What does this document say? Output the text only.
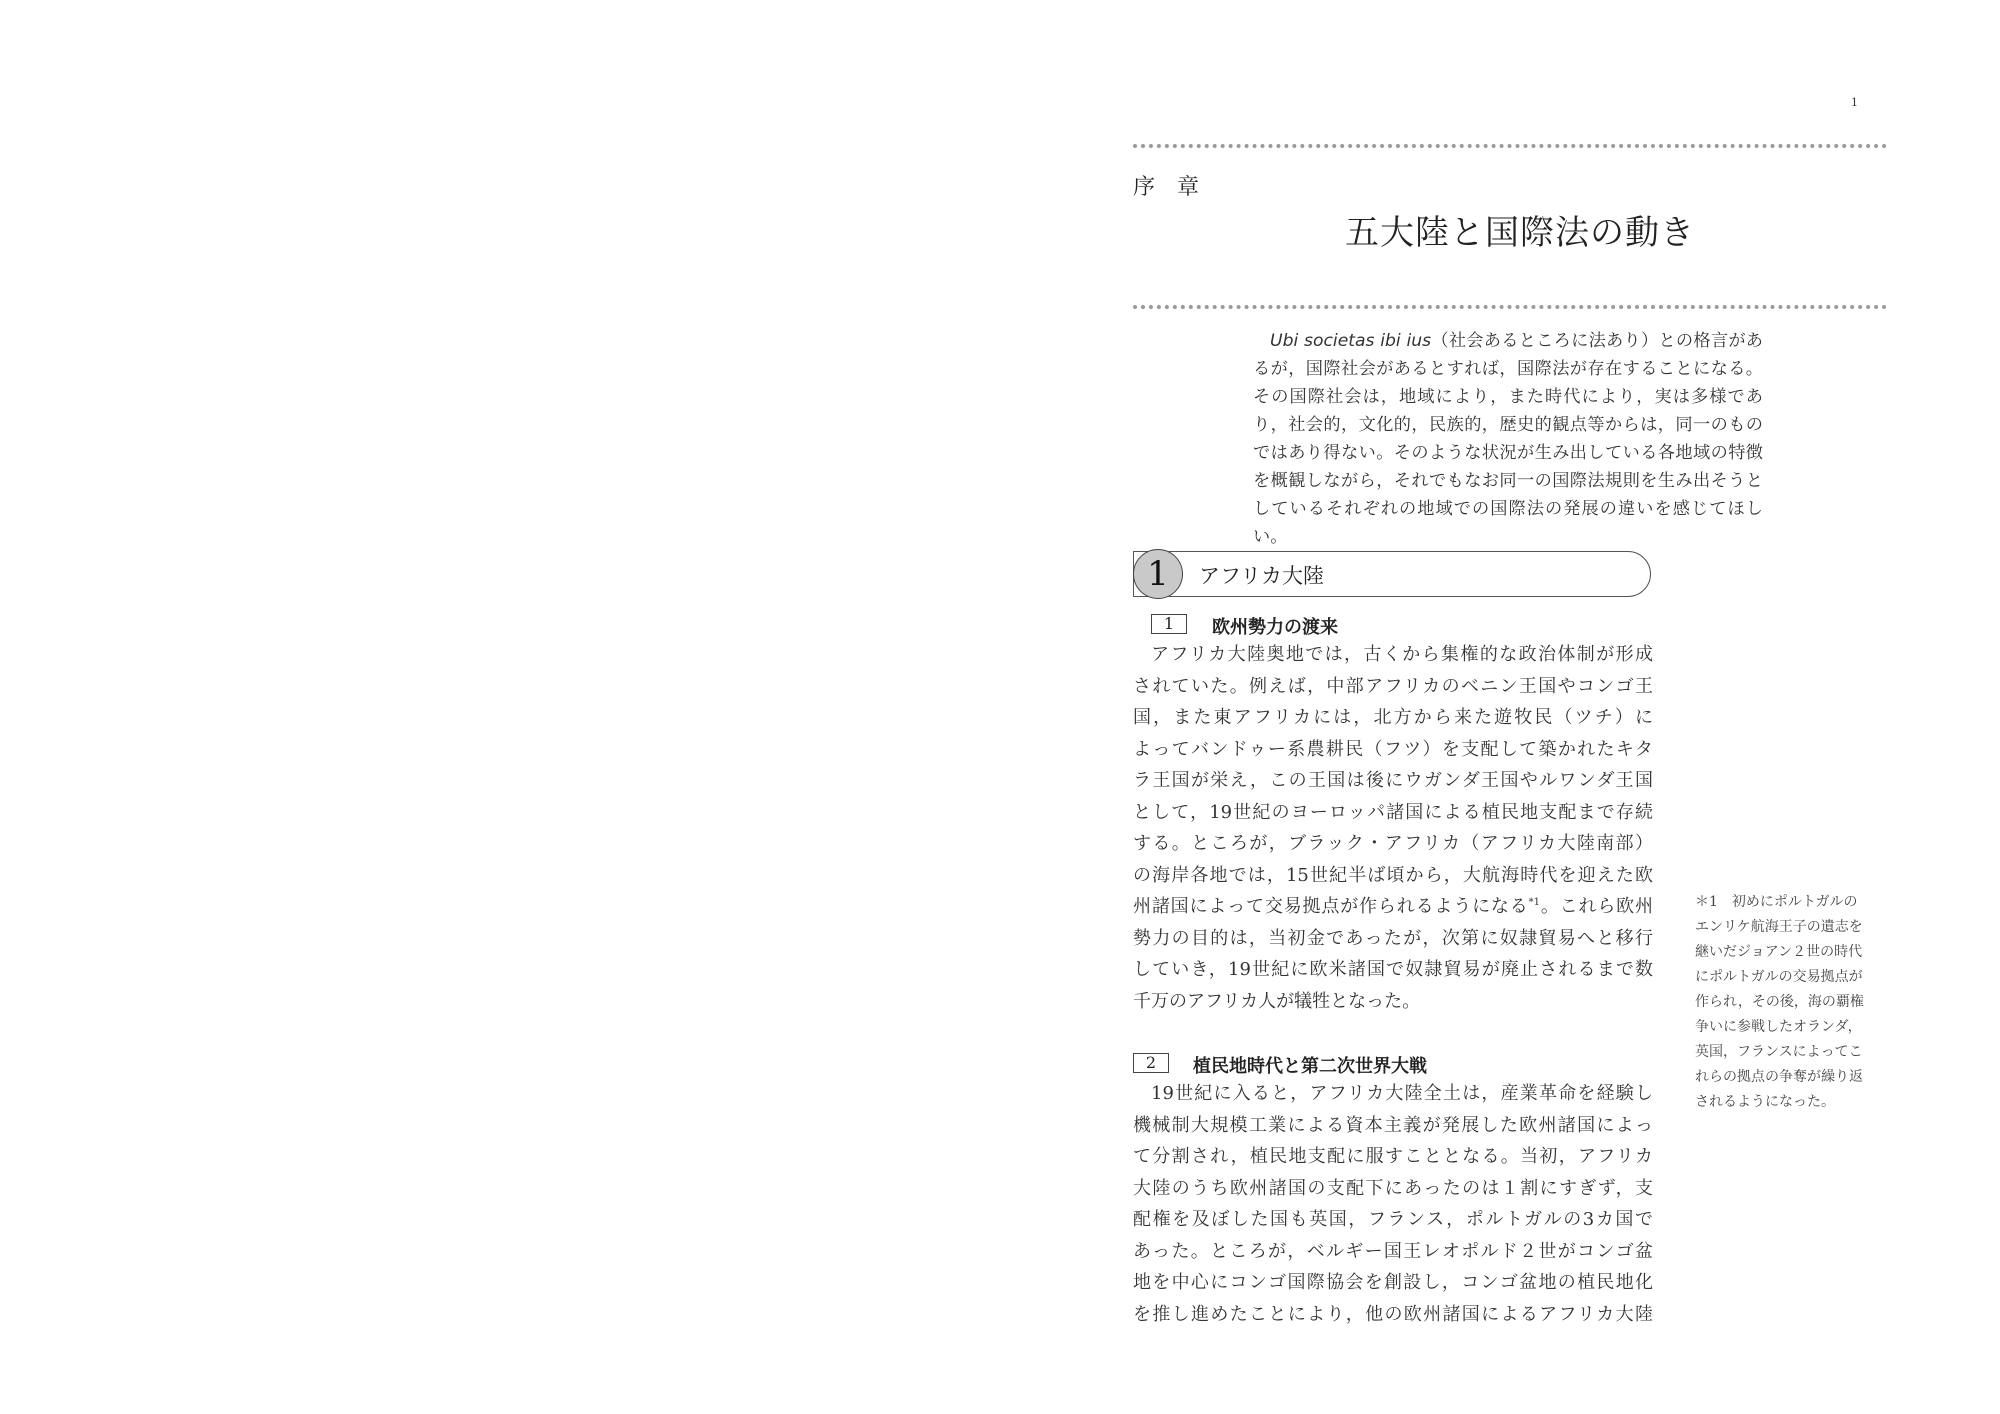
1
序章
五大陸と国際法の動き
Ubi societas ibi ius（社会あるところに法あり）との格言があるが，国際社会があるとすれば，国際法が存在することになる。その国際社会は，地域により，また時代により，実は多様であり，社会的，文化的，民族的，歴史的観点等からは，同一のものではあり得ない。そのような状況が生み出している各地域の特徴を概観しながら，それでもなお同一の国際法規則を生み出そうとしているそれぞれの地域での国際法の発展の違いを感じてほしい。
1	アフリカ大陸
1	欧州勢力の渡来
アフリカ大陸奥地では，古くから集権的な政治体制が形成
されていた。例えば，中部アフリカのベニン王国やコンゴ王
国，また東アフリカには，北方から来た遊牧民（ツチ）に
よってバンドゥー系農耕民（フツ）を支配して築かれたキタ
ラ王国が栄え，この王国は後にウガンダ王国やルワンダ王国
として，19世紀のヨーロッパ諸国による植民地支配まで存続
する。ところが，ブラック・アフリカ（アフリカ大陸南部）
の海岸各地では，15世紀半ば頃から，大航海時代を迎えた欧
州諸国によって交易拠点が作られるようになる$^{*1}$。これら欧州
勢力の目的は，当初金であったが，次第に奴隷貿易へと移行
していき，19世紀に欧米諸国で奴隷貿易が廃止されるまで数
千万のアフリカ人が犠牲となった。
2	植民地時代と第二次世界大戦
19世紀に入ると，アフリカ大陸全土は，産業革命を経験し
機械制大規模工業による資本主義が発展した欧州諸国によっ
て分割され，植民地支配に服すこととなる。当初，アフリカ
大陸のうち欧州諸国の支配下にあったのは１割にすぎず，支
配権を及ぼした国も英国，フランス，ポルトガルの3カ国で
あった。ところが，ベルギー国王レオポルド２世がコンゴ盆
地を中心にコンゴ国際協会を創設し，コンゴ盆地の植民地化
を推し進めたことにより，他の欧州諸国によるアフリカ大陸
＊1　初めにポルトガルの
エンリケ航海王子の遺志を
継いだジョアン２世の時代
にポルトガルの交易拠点が
作られ，その後，海の覇権
争いに参戦したオランダ，
英国，フランスによってこ
れらの拠点の争奪が繰り返
されるようになった。
